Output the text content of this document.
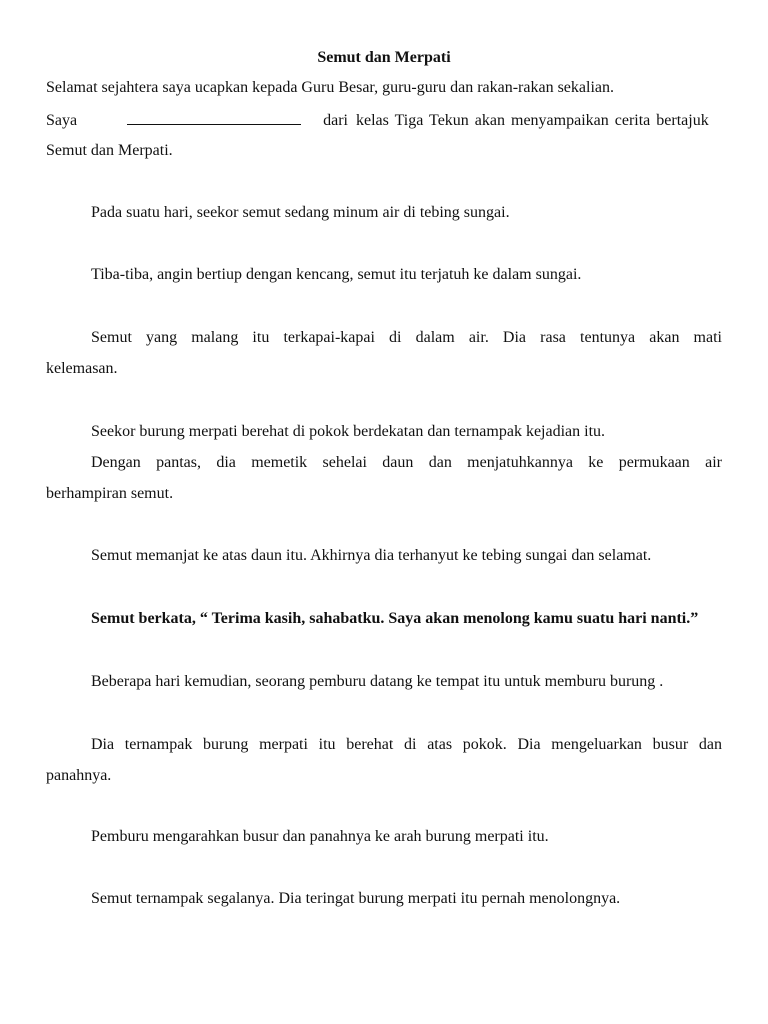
Semut dan Merpati
Selamat sejahtera saya ucapkan kepada Guru Besar, guru-guru dan rakan-rakan sekalian.
Saya	dari kelas Tiga Tekun akan menyampaikan cerita bertajuk
Semut dan Merpati.
Pada suatu hari, seekor semut sedang minum air di tebing sungai.
Tiba-tiba, angin bertiup dengan kencang, semut itu terjatuh ke dalam sungai.
Semut yang malang itu terkapai-kapai di dalam air. Dia rasa tentunya akan mati
kelemasan.
Seekor burung merpati berehat di pokok berdekatan dan ternampak kejadian itu.
Dengan pantas, dia memetik sehelai daun dan menjatuhkannya ke permukaan air
berhampiran semut.
Semut memanjat ke atas daun itu. Akhirnya dia terhanyut ke tebing sungai dan selamat.
Semut berkata, “ Terima kasih, sahabatku. Saya akan menolong kamu suatu hari nanti.”
Beberapa hari kemudian, seorang pemburu datang ke tempat itu untuk memburu burung .
Dia ternampak burung merpati itu berehat di atas pokok. Dia mengeluarkan busur dan
panahnya.
Pemburu mengarahkan busur dan panahnya ke arah burung merpati itu.
Semut ternampak segalanya. Dia teringat burung merpati itu pernah menolongnya.
